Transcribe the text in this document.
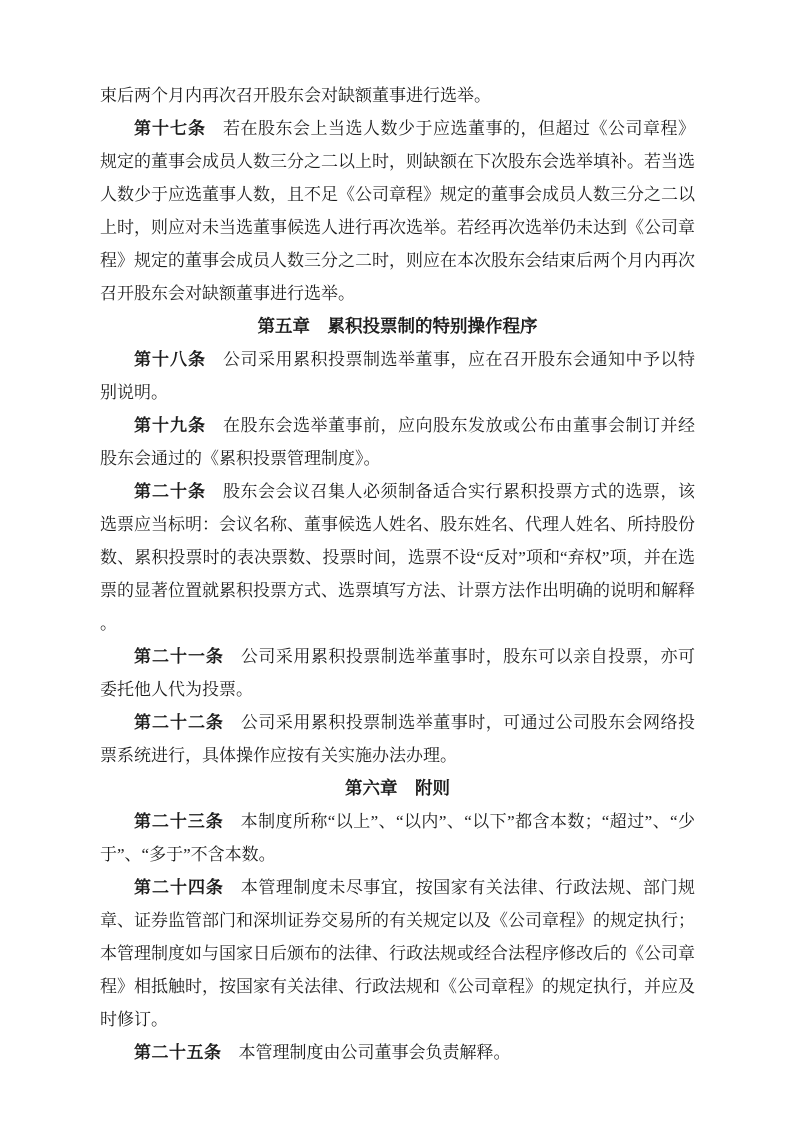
束后两个月内再次召开股东会对缺额董事进行选举。

第十七条 若在股东会上当选人数少于应选董事的，但超过《公司章程》规定的董事会成员人数三分之二以上时，则缺额在下次股东会选举填补。若当选人数少于应选董事人数，且不足《公司章程》规定的董事会成员人数三分之二以上时，则应对未当选董事候选人进行再次选举。若经再次选举仍未达到《公司章程》规定的董事会成员人数三分之二时，则应在本次股东会结束后两个月内再次召开股东会对缺额董事进行选举。

第五章 累积投票制的特别操作程序

第十八条 公司采用累积投票制选举董事，应在召开股东会通知中予以特别说明。

第十九条 在股东会选举董事前，应向股东发放或公布由董事会制订并经股东会通过的《累积投票管理制度》。

第二十条 股东会会议召集人必须制备适合实行累积投票方式的选票，该选票应当标明：会议名称、董事候选人姓名、股东姓名、代理人姓名、所持股份数、累积投票时的表决票数、投票时间，选票不设“反对”项和“弃权”项，并在选票的显著位置就累积投票方式、选票填写方法、计票方法作出明确的说明和解释。

第二十一条 公司采用累积投票制选举董事时，股东可以亲自投票，亦可委托他人代为投票。

第二十二条 公司采用累积投票制选举董事时，可通过公司股东会网络投票系统进行，具体操作应按有关实施办法办理。

第六章 附则

第二十三条 本制度所称“以上”、“以内”、“以下”都含本数；“超过”、“少于”、“多于”不含本数。

第二十四条 本管理制度未尽事宜，按国家有关法律、行政法规、部门规章、证券监管部门和深圳证券交易所的有关规定以及《公司章程》的规定执行；本管理制度如与国家日后颁布的法律、行政法规或经合法程序修改后的《公司章程》相抵触时，按国家有关法律、行政法规和《公司章程》的规定执行，并应及时修订。

第二十五条 本管理制度由公司董事会负责解释。
